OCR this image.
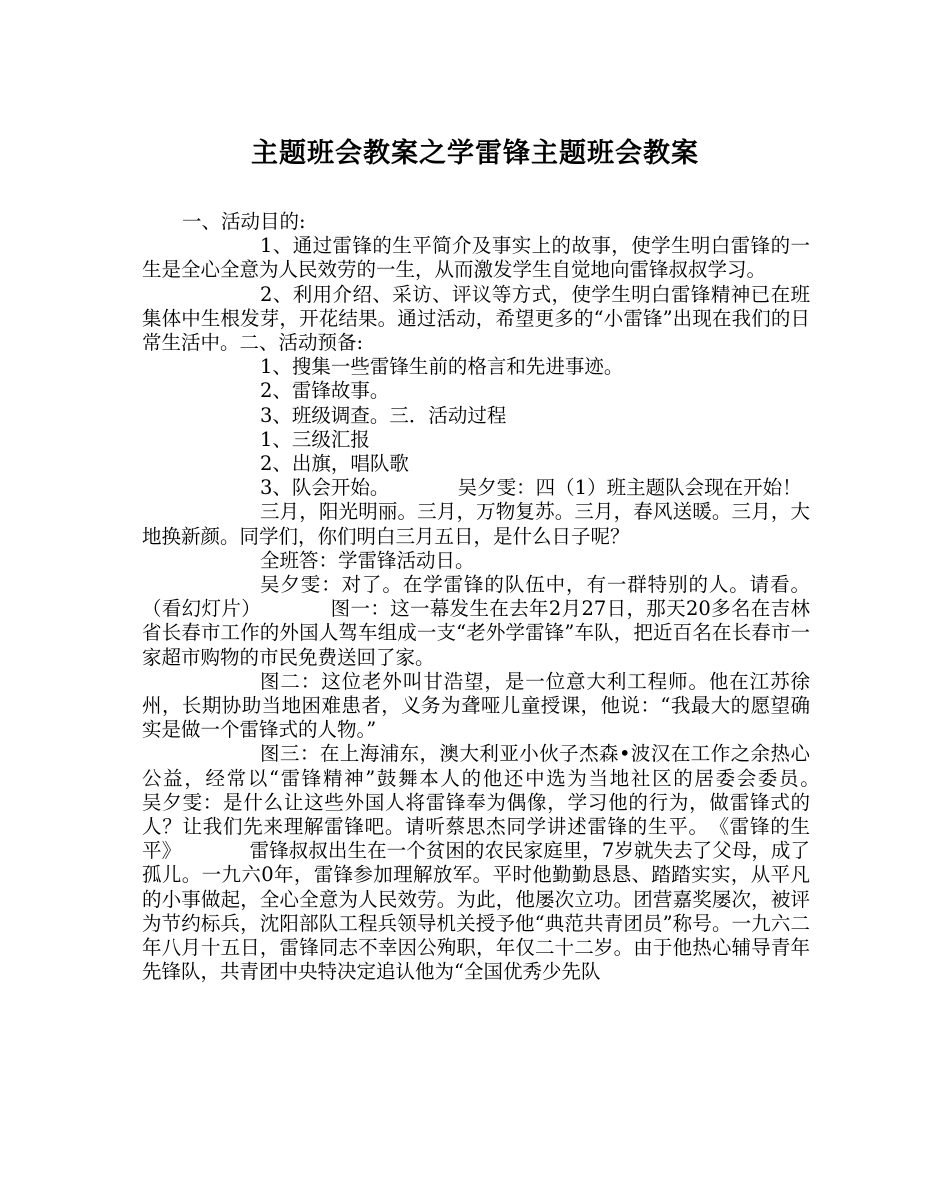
主题班会教案之学雷锋主题班会教案

一、活动目的:

1、通过雷锋的生平简介及事实上的故事，使学生明白雷锋的一生是全心全意为人民效劳的一生，从而激发学生自觉地向雷锋叔叔学习。

2、利用介绍、采访、评议等方式，使学生明白雷锋精神已在班集体中生根发芽，开花结果。通过活动，希望更多的“小雷锋”出现在我们的日常生活中。二、活动预备:

1、搜集一些雷锋生前的格言和先进事迹。

2、雷锋故事。

3、班级调查。三．活动过程

1、三级汇报

2、出旗，唱队歌

3、队会开始。　　　　吴夕雯：四（1）班主题队会现在开始！

三月，阳光明丽。三月，万物复苏。三月，春风送暖。三月，大地换新颜。同学们，你们明白三月五日，是什么日子呢？

全班答：学雷锋活动日。

吴夕雯：对了。在学雷锋的队伍中，有一群特别的人。请看。（看幻灯片）　　　　图一：这一幕发生在去年2月27日，那天20多名在吉林省长春市工作的外国人驾车组成一支“老外学雷锋”车队，把近百名在长春市一家超市购物的市民免费送回了家。

图二：这位老外叫甘浩望，是一位意大利工程师。他在江苏徐州，长期协助当地困难患者，义务为聋哑儿童授课，他说：“我最大的愿望确实是做一个雷锋式的人物。”

图三：在上海浦东，澳大利亚小伙子杰森•波汉在工作之余热心公益，经常以“雷锋精神”鼓舞本人的他还中选为当地社区的居委会委员。　　　　吴夕雯：是什么让这些外国人将雷锋奉为偶像，学习他的行为，做雷锋式的人？让我们先来理解雷锋吧。请听蔡思杰同学讲述雷锋的生平。　《雷锋的生平》　　　　雷锋叔叔出生在一个贫困的农民家庭里，7岁就失去了父母，成了孤儿。一九六0年，雷锋参加理解放军。平时他勤勤恳恳、踏踏实实，从平凡的小事做起，全心全意为人民效劳。为此，他屡次立功。团营嘉奖屡次，被评为节约标兵，沈阳部队工程兵领导机关授予他“典范共青团员”称号。一九六二年八月十五日，雷锋同志不幸因公殉职，年仅二十二岁。由于他热心辅导青年先锋队，共青团中央特决定追认他为“全国优秀少先队
